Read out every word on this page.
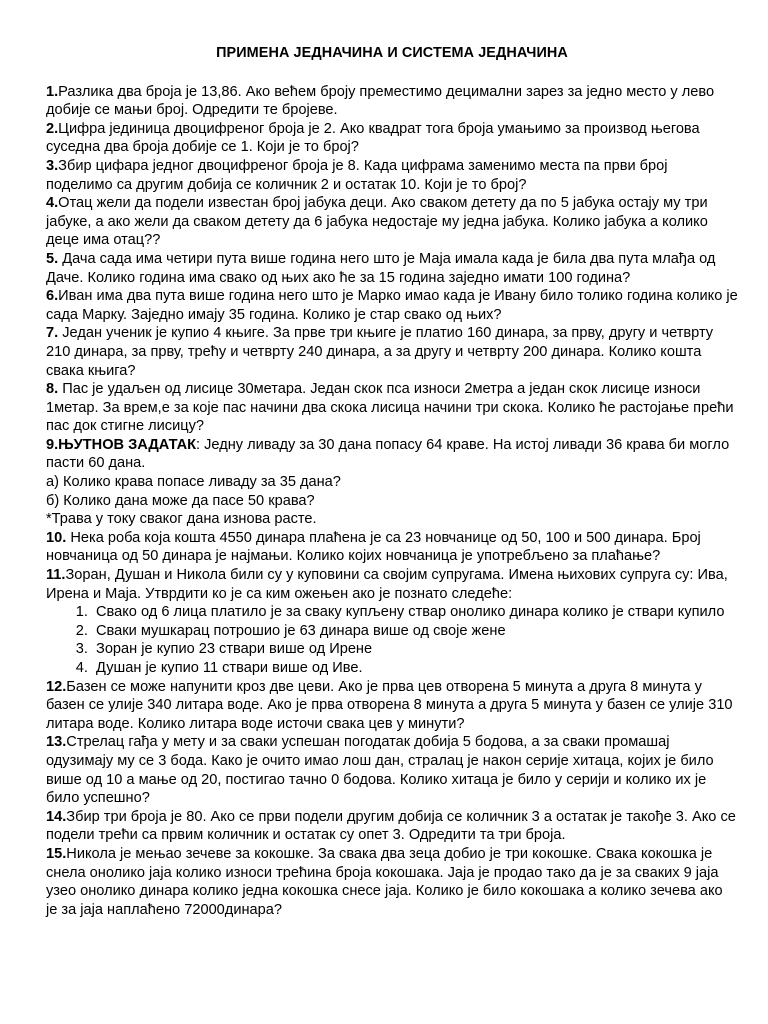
ПРИМЕНА ЈЕДНАЧИНА И СИСТЕМА ЈЕДНАЧИНА

1.Разлика два броја је 13,86. Ако већем броју преместимо децимални зарез за једно место у лево добије се мањи број. Одредити те бројеве.

2.Цифра јединица двоцифреног броја је 2. Ако квадрат тога броја умањимо за производ његова суседна два броја добије се 1. Који је то број?

3.Збир цифара једног двоцифреног броја је 8. Када цифрама заменимо места па први број поделимо са другим добија се количник 2 и остатак 10. Који је то број?

4.Отац жели да подели известан број јабука деци. Ако сваком детету да по 5 јабука остају му три јабуке, а ако жели да сваком детету да 6 јабука недостаје му једна јабука. Колико јабука а колико деце има отац??

5. Дача сада има четири пута више година него што је Маја имала када је била два пута млађа од Даче. Колико година има свако од њих ако ће за 15 година заједно имати 100 година?

6.Иван има два пута више година него што је Марко имао када је Ивану било толико година колико је сада Марку. Заједно имају 35 година. Колико је стар свако од њих?

7. Један ученик је купио 4 књиге. За прве три књиге је платио 160 динара, за прву, другу и четврту 210 динара, за прву, трећу и четврту 240 динара, а за другу и четврту 200 динара. Колико кошта свака књига?

8. Пас је удаљен од лисице 30метара. Један скок пса износи 2метра а један скок лисице износи 1метар. За врем,е за које пас начини два скока лисица начини три скока. Колико ће растојање прећи пас док стигне лисицу?

9.ЊУТНОВ ЗАДАТАК: Једну ливаду за 30 дана попасу 64 краве. На истој ливади 36 крава би могло пасти 60 дана.

а) Колико крава попасе ливаду за 35 дана?

б) Колико дана може да пасе 50 крава?

*Трава у току сваког дана изнова расте.

10. Нека роба која кошта 4550 динара плаћена је са 23 новчанице од 50, 100 и 500 динара. Број новчаница од 50 динара је најмањи. Колико којих новчаница је употребљено за плаћање?

11.Зоран, Душан и Никола били су у куповини са својим супругама. Имена њихових супруга су: Ива, Ирена и Маја. Утврдити ко је са ким ожењен ако је познато следеће:

1. Свако од 6 лица платило је за сваку купљену ствар онолико динара колико је ствари купило
2. Сваки мушкарац потрошио је 63 динара више од своје жене
3. Зоран је купио 23 ствари више од Ирене
4. Душан је купио 11 ствари више од Иве.

12.Базен се може напунити кроз две цеви. Ако је прва цев отворена 5 минута а друга 8 минута у базен се улије 340 литара воде. Ако је прва отворена 8 минута а друга 5 минута у базен се улије 310 литара воде. Колико литара воде источи свака цев у минути?

13.Стрелац гађа у мету и за сваки успешан погодатак добија 5 бодова, а за сваки промашај одузимају му се 3 бода. Како је очито имао лош дан, стралац је након серије хитаца, којих је било више од 10 а мање од 20, постигао тачно 0 бодова. Колико хитаца је било у серији и колико их је било успешно?

14.Збир три броја је 80. Ако се први подели другим добија се количник 3 а остатак је такође 3. Ако се подели трећи са првим количник и остатак су опет 3. Одредити та три броја.

15.Никола је мењао зечеве за кокошке. За свака два зеца добио је три кокошке. Свака кокошка је снела онолико јаја колико износи трећина броја кокошака. Јаја је продао тако да је за сваких 9 јаја узео онолико динара колико једна кокошка снесе јаја. Колико је било кокошака а колико зечева ако је за јаја наплаћено 72000динара?
